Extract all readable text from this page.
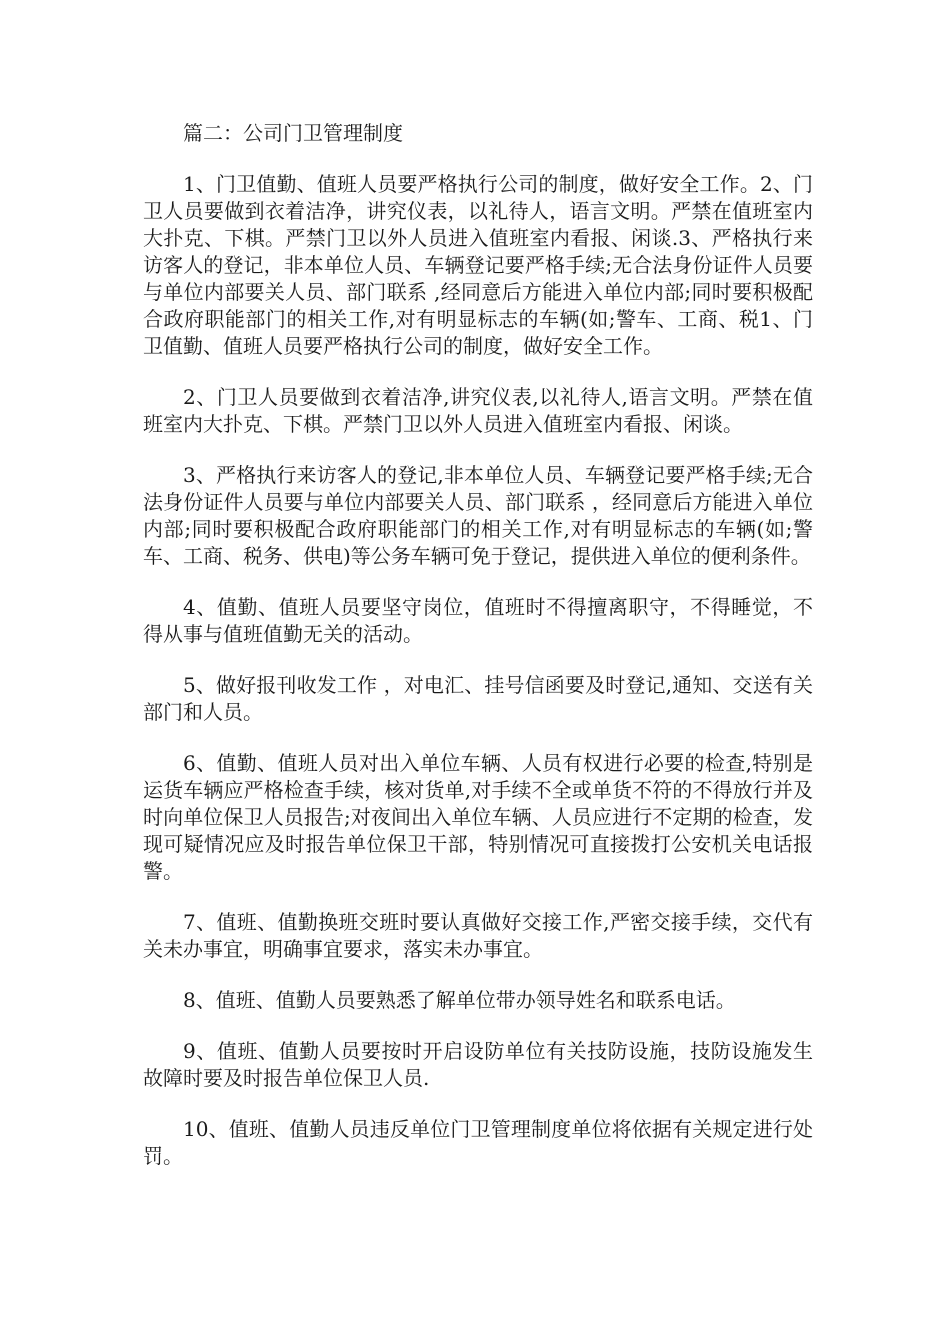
篇二：公司门卫管理制度

1、门卫值勤、值班人员要严格执行公司的制度，做好安全工作。2、门卫人员要做到衣着洁净，讲究仪表，以礼待人，语言文明。严禁在值班室内大扑克、下棋。严禁门卫以外人员进入值班室内看报、闲谈.3、严格执行来访客人的登记，非本单位人员、车辆登记要严格手续;无合法身份证件人员要与单位内部要关人员、部门联系 ,经同意后方能进入单位内部;同时要积极配合政府职能部门的相关工作,对有明显标志的车辆(如;警车、工商、税1、门卫值勤、值班人员要严格执行公司的制度，做好安全工作。

2、门卫人员要做到衣着洁净,讲究仪表,以礼待人,语言文明。严禁在值班室内大扑克、下棋。严禁门卫以外人员进入值班室内看报、闲谈。

3、严格执行来访客人的登记,非本单位人员、车辆登记要严格手续;无合法身份证件人员要与单位内部要关人员、部门联系 ，经同意后方能进入单位内部;同时要积极配合政府职能部门的相关工作,对有明显标志的车辆(如;警车、工商、税务、供电)等公务车辆可免于登记，提供进入单位的便利条件。

4、值勤、值班人员要坚守岗位，值班时不得擅离职守，不得睡觉，不得从事与值班值勤无关的活动。

5、做好报刊收发工作 ，对电汇、挂号信函要及时登记,通知、交送有关部门和人员。

6、值勤、值班人员对出入单位车辆、人员有权进行必要的检查,特别是运货车辆应严格检查手续，核对货单,对手续不全或单货不符的不得放行并及时向单位保卫人员报告;对夜间出入单位车辆、人员应进行不定期的检查，发现可疑情况应及时报告单位保卫干部，特别情况可直接拨打公安机关电话报警。

7、值班、值勤换班交班时要认真做好交接工作,严密交接手续，交代有关未办事宜，明确事宜要求，落实未办事宜。

8、值班、值勤人员要熟悉了解单位带办领导姓名和联系电话。

9、值班、值勤人员要按时开启设防单位有关技防设施，技防设施发生故障时要及时报告单位保卫人员.

10、值班、值勤人员违反单位门卫管理制度单位将依据有关规定进行处罚。
